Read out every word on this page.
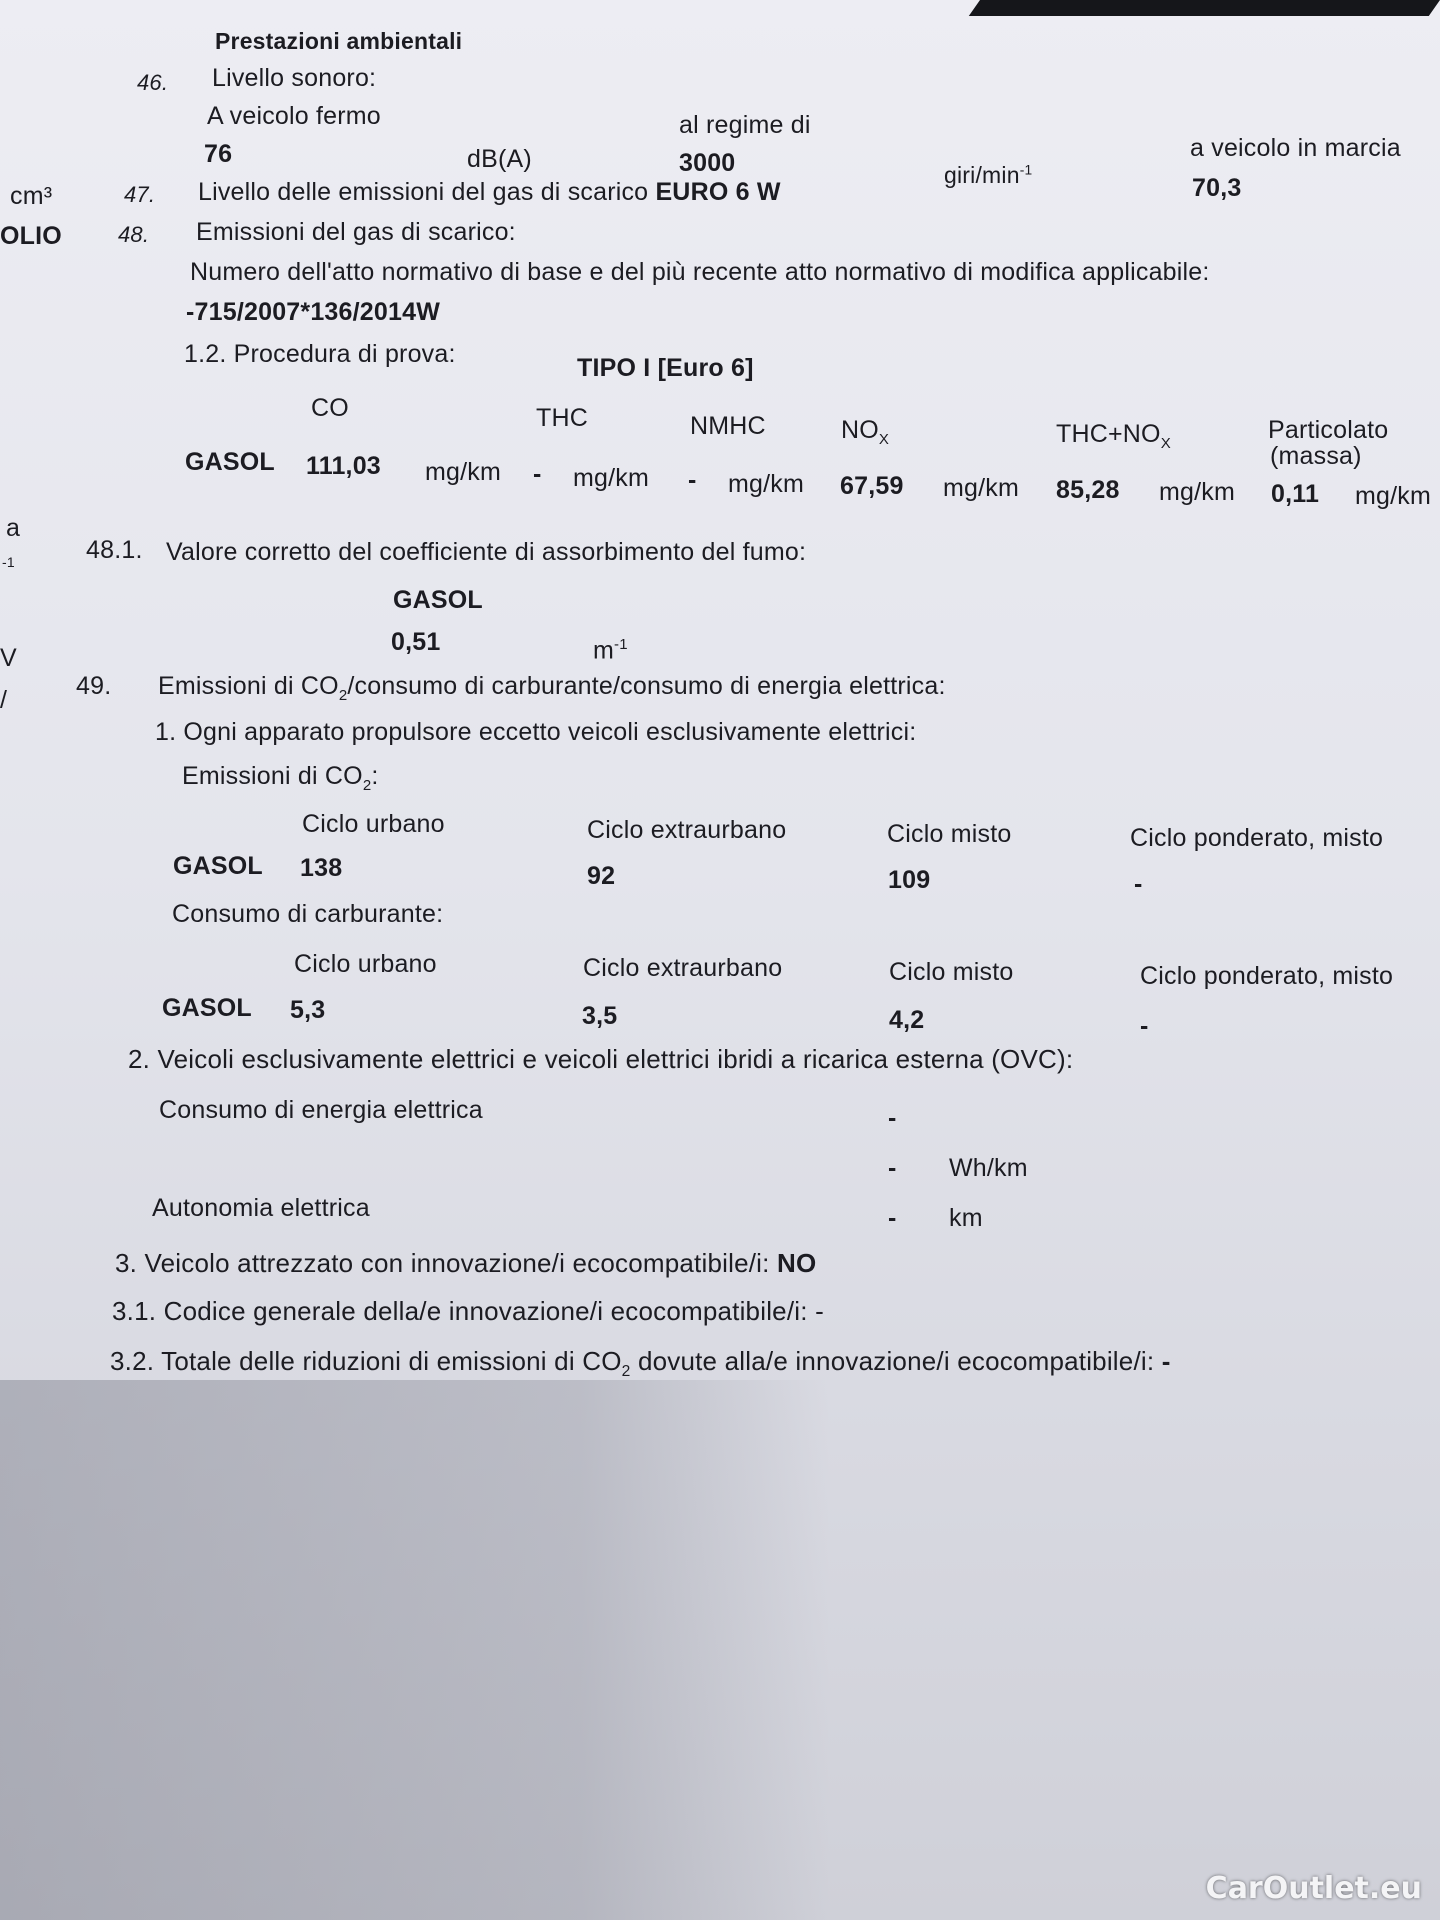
cm³
OLIO
a
-1
V
/
Prestazioni ambientali
46. Livello sonoro:
A veicolo fermo
76	dB(A)
al regime di
3000	giri/$\min^{-1}$
a veicolo in marcia
70,3
47. Livello delle emissioni del gas di scarico EURO 6 W
48. Emissioni del gas di scarico:
Numero dell'atto normativo di base e del più recente atto normativo di modifica applicabile:
-715/2007*136/2014W
1.2. Procedura di prova:	TIPO I [Euro 6]
CO	THC	NMHC	$NO_X$	$THC+NO_X$	Particolato
(massa)
GASOL 111,03 mg/km - mg/km - mg/km 67,59 mg/km 85,28 mg/km 0,11 mg/km
48.1. Valore corretto del coefficiente di assorbimento del fumo:
GASOL
0,51	$m^{-1}$
49. Emissioni di $CO_2$/consumo di carburante/consumo di energia elettrica:
1. Ogni apparato propulsore eccetto veicoli esclusivamente elettrici:
Emissioni di $CO_2$:
Ciclo urbano	Ciclo extraurbano	Ciclo misto	Ciclo ponderato, misto
GASOL 138	92	109	-
Consumo di carburante:
Ciclo urbano	Ciclo extraurbano	Ciclo misto	Ciclo ponderato, misto
GASOL 5,3	3,5	4,2	-
2. Veicoli esclusivamente elettrici e veicoli elettrici ibridi a ricarica esterna (OVC):
Consumo di energia elettrica	-
- Wh/km
Autonomia elettrica	- km
3. Veicolo attrezzato con innovazione/i ecocompatibile/i: NO
3.1. Codice generale della/e innovazione/i ecocompatibile/i: -
3.2. Totale delle riduzioni di emissioni di $CO_2$ dovute alla/e innovazione/i ecocompatibile/i: -
CarOutlet.eu
